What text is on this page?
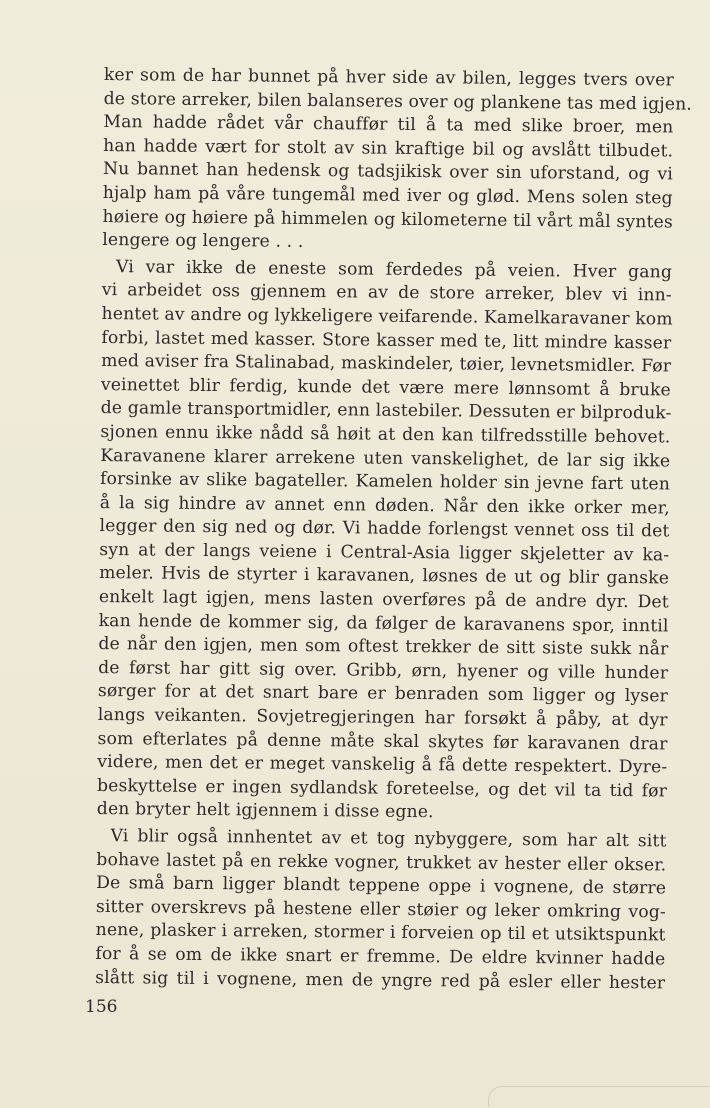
ker som de har bunnet på hver side av bilen, legges tvers over
de store arreker, bilen balanseres over og plankene tas med igjen.
Man hadde rådet vår chauffør til å ta med slike broer, men
han hadde vært for stolt av sin kraftige bil og avslått tilbudet.
Nu bannet han hedensk og tadsjikisk over sin uforstand, og vi
hjalp ham på våre tungemål med iver og glød. Mens solen steg
høiere og høiere på himmelen og kilometerne til vårt mål syntes
lengere og lengere . . .
Vi var ikke de eneste som ferdedes på veien. Hver gang
vi arbeidet oss gjennem en av de store arreker, blev vi inn-
hentet av andre og lykkeligere veifarende. Kamelkaravaner kom
forbi, lastet med kasser. Store kasser med te, litt mindre kasser
med aviser fra Stalinabad, maskindeler, tøier, levnetsmidler. Før
veinettet blir ferdig, kunde det være mere lønnsomt å bruke
de gamle transportmidler, enn lastebiler. Dessuten er bilproduk-
sjonen ennu ikke nådd så høit at den kan tilfredsstille behovet.
Karavanene klarer arrekene uten vanskelighet, de lar sig ikke
forsinke av slike bagateller. Kamelen holder sin jevne fart uten
å la sig hindre av annet enn døden. Når den ikke orker mer,
legger den sig ned og dør. Vi hadde forlengst vennet oss til det
syn at der langs veiene i Central-Asia ligger skjeletter av ka-
meler. Hvis de styrter i karavanen, løsnes de ut og blir ganske
enkelt lagt igjen, mens lasten overføres på de andre dyr. Det
kan hende de kommer sig, da følger de karavanens spor, inntil
de når den igjen, men som oftest trekker de sitt siste sukk når
de først har gitt sig over. Gribb, ørn, hyener og ville hunder
sørger for at det snart bare er benraden som ligger og lyser
langs veikanten. Sovjetregjeringen har forsøkt å påby, at dyr
som efterlates på denne måte skal skytes før karavanen drar
videre, men det er meget vanskelig å få dette respektert. Dyre-
beskyttelse er ingen sydlandsk foreteelse, og det vil ta tid før
den bryter helt igjennem i disse egne.
Vi blir også innhentet av et tog nybyggere, som har alt sitt
bohave lastet på en rekke vogner, trukket av hester eller okser.
De små barn ligger blandt teppene oppe i vognene, de større
sitter overskrevs på hestene eller støier og leker omkring vog-
nene, plasker i arreken, stormer i forveien op til et utsiktspunkt
for å se om de ikke snart er fremme. De eldre kvinner hadde
slått sig til i vognene, men de yngre red på esler eller hester
156
